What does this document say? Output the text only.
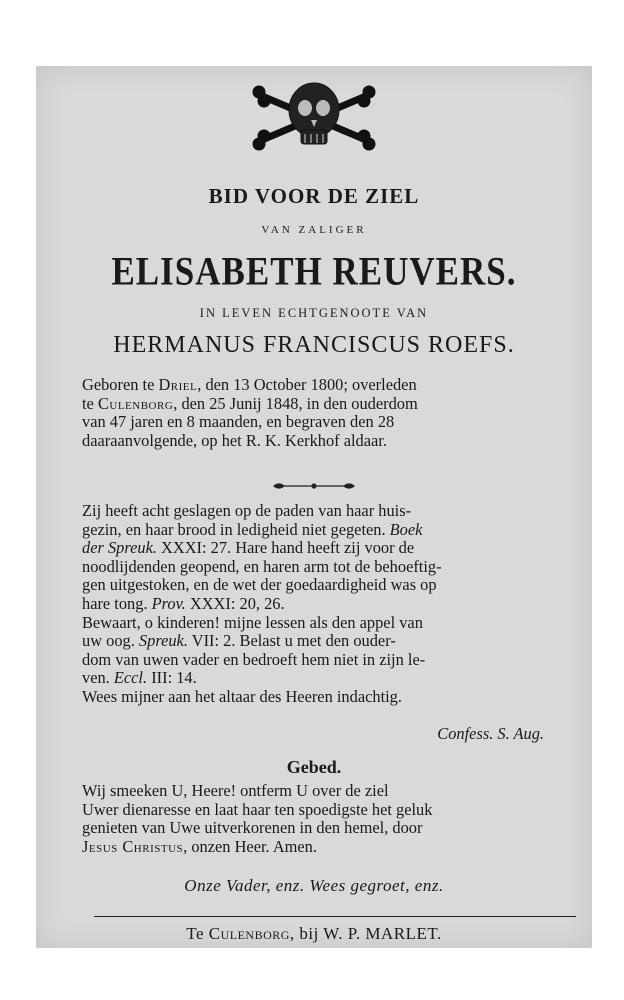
BID VOOR DE ZIEL
VAN ZALIGER
ELISABETH REUVERS.
IN LEVEN ECHTGENOOTE VAN
HERMANUS FRANCISCUS ROEFS.
Geboren te Driel, den 13 October 1800; overleden
te Culenborg, den 25 Junij 1848, in den ouderdom
van 47 jaren en 8 maanden, en begraven den 28
daaraanvolgende, op het R. K. Kerkhof aldaar.
Zij heeft acht geslagen op de paden van haar huis-
gezin, en haar brood in ledigheid niet gegeten. Boek
der Spreuk. XXXI: 27. Hare hand heeft zij voor de
noodlijdenden geopend, en haren arm tot de behoeftig-
gen uitgestoken, en de wet der goedaardigheid was op
hare tong. Prov. XXXI: 20, 26.
Bewaart, o kinderen! mijne lessen als den appel van
uw oog. Spreuk. VII: 2. Belast u met den ouder-
dom van uwen vader en bedroeft hem niet in zijn le-
ven. Eccl. III: 14.
Wees mijner aan het altaar des Heeren indachtig.
Confess. S. Aug.
Gebed.
Wij smeeken U, Heere! ontferm U over de ziel
Uwer dienaresse en laat haar ten spoedigste het geluk
genieten van Uwe uitverkorenen in den hemel, door
Jesus Christus, onzen Heer. Amen.
Onze Vader, enz. Wees gegroet, enz.
Te Culenborg, bij W. P. MARLET.
